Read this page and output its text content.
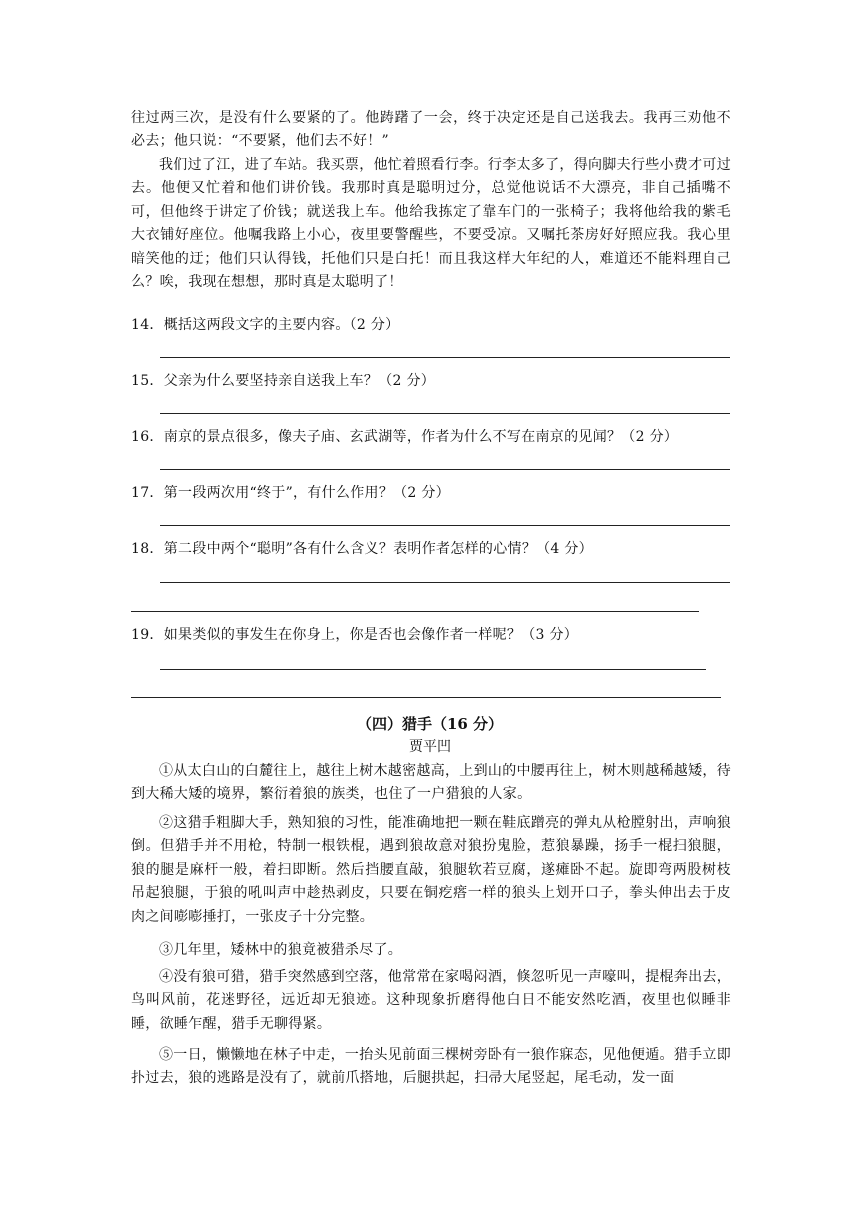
往过两三次，是没有什么要紧的了。他踌躇了一会，终于决定还是自己送我去。我再三劝他不必去；他只说：“不要紧，他们去不好！”

我们过了江，进了车站。我买票，他忙着照看行李。行李太多了，得向脚夫行些小费才可过去。他便又忙着和他们讲价钱。我那时真是聪明过分，总觉他说话不大漂亮，非自己插嘴不可，但他终于讲定了价钱；就送我上车。他给我拣定了靠车门的一张椅子；我将他给我的紫毛大衣铺好座位。他嘱我路上小心，夜里要警醒些，不要受凉。又嘱托茶房好好照应我。我心里暗笑他的迂；他们只认得钱，托他们只是白托！而且我这样大年纪的人，难道还不能料理自己么？唉，我现在想想，那时真是太聪明了！

14．概括这两段文字的主要内容。（2 分）

15．父亲为什么要坚持亲自送我上车？（2 分）

16．南京的景点很多，像夫子庙、玄武湖等，作者为什么不写在南京的见闻？（2 分）

17．第一段两次用“终于”，有什么作用？（2 分）

18．第二段中两个“聪明”各有什么含义？表明作者怎样的心情？（4 分）

19．如果类似的事发生在你身上，你是否也会像作者一样呢？（3 分）

（四）猎手（16 分）

贾平凹

①从太白山的白麓往上，越往上树木越密越高，上到山的中腰再往上，树木则越稀越矮，待到大稀大矮的境界，繁衍着狼的族类，也住了一户猎狼的人家。

②这猎手粗脚大手，熟知狼的习性，能准确地把一颗在鞋底蹭亮的弹丸从枪膛射出，声响狼倒。但猎手并不用枪，特制一根铁棍，遇到狼故意对狼扮鬼脸，惹狼暴躁，扬手一棍扫狼腿，狼的腿是麻杆一般，着扫即断。然后挡腰直敲，狼腿软若豆腐，遂瘫卧不起。旋即弯两股树枝吊起狼腿，于狼的吼叫声中趁热剥皮，只要在铜疙瘩一样的狼头上划开口子，拳头伸出去于皮肉之间嘭嘭捶打，一张皮子十分完整。

③几年里，矮林中的狼竟被猎杀尽了。

④没有狼可猎，猎手突然感到空落，他常常在家喝闷酒，倏忽听见一声嚎叫，提棍奔出去，鸟叫风前，花迷野径，远近却无狼迹。这种现象折磨得他白日不能安然吃酒，夜里也似睡非睡，欲睡乍醒，猎手无聊得紧。

⑤一日，懒懒地在林子中走，一抬头见前面三棵树旁卧有一狼作寐态，见他便遁。猎手立即扑过去，狼的逃路是没有了，就前爪搭地，后腿拱起，扫帚大尾竖起，尾毛动，发一面
